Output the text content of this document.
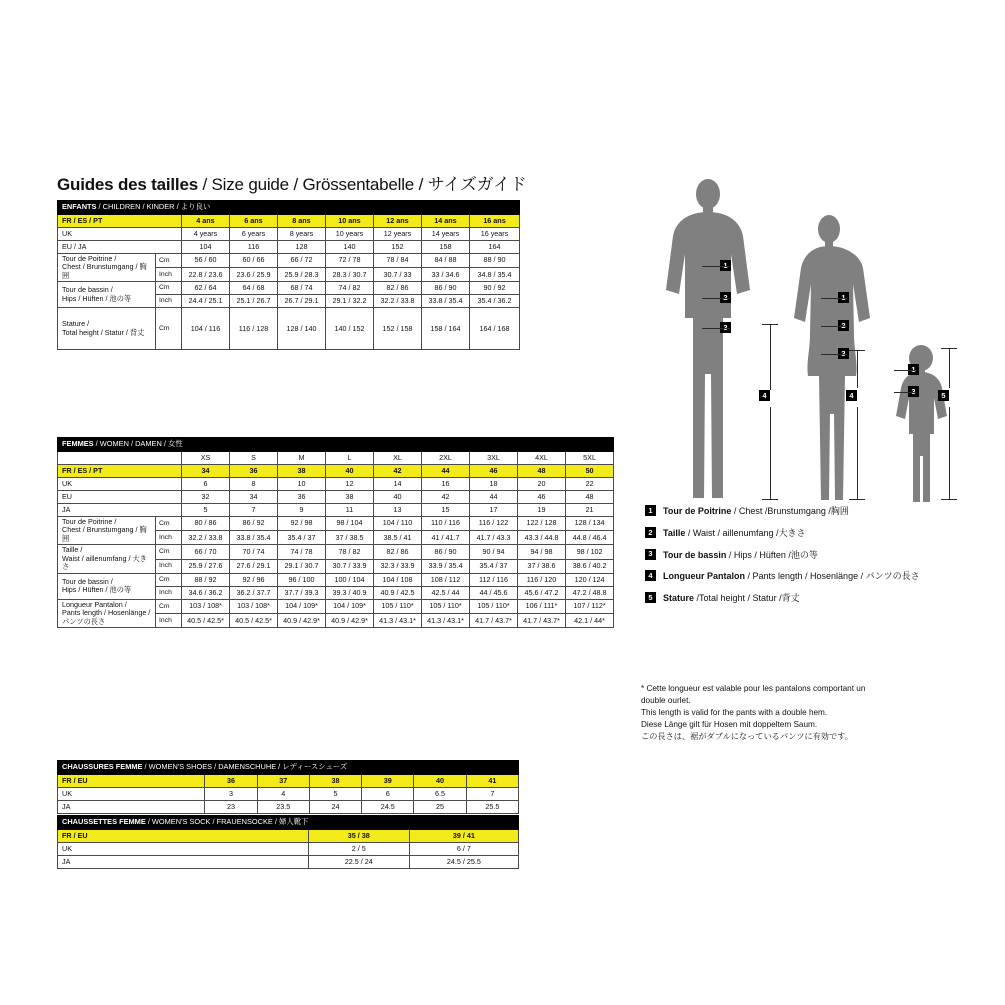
Guides des tailles / Size guide / Grössentabelle / サイズガイド
ENFANTS / CHILDREN / KINDER / より良い								
FR / ES / PT		4 ans	6 ans	8 ans	10 ans	12 ans	14 ans	16 ans
UK		4 years	6 years	8 years	10 years	12 years	14 years	16 years
EU / JA		104	116	128	140	152	158	164
Tour de Poitrine /
Chest / Brunstumgang / 胸囲	Cm	56 / 60	60 / 66	66 / 72	72 / 78	78 / 84	84 / 88	88 / 90
	Inch	22.8 / 23.6	23.6 / 25.9	25.9 / 28.3	28.3 / 30.7	30.7 / 33	33 / 34.6	34.8 / 35.4
Tour de bassin /
Hips / Hüften / 池の等	Cm	62 / 64	64 / 68	68 / 74	74 / 82	82 / 86	86 / 90	90 / 92
	Inch	24.4 / 25.1	25.1 / 26.7	26.7 / 29.1	29.1 / 32.2	32.2 / 33.8	33.8 / 35.4	35.4 / 36.2
Stature /
Total height / Statur / 背丈	Cm	104 / 116	116 / 128	128 / 140	140 / 152	152 / 158	158 / 164	164 / 168
FEMMES / WOMEN / DAMEN / 女性										
		XS	S	M	L	XL	2XL	3XL	4XL	5XL
FR / ES / PT		34	36	38	40	42	44	46	48	50
UK		6	8	10	12	14	16	18	20	22
EU		32	34	36	38	40	42	44	46	48
JA		5	7	9	11	13	15	17	19	21
Tour de Poitrine /
Chest / Brunstumgang / 胸囲	Cm	80 / 86	86 / 92	92 / 98	98 / 104	104 / 110	110 / 116	116 / 122	122 / 128	128 / 134
	Inch	32.2 / 33.8	33.8 / 35.4	35.4 / 37	37 / 38.5	38.5 / 41	41 / 41.7	41.7 / 43.3	43.3 / 44.8	44.8 / 46.4
Taille /
Waist / aillenumfang / 大きさ	Cm	66 / 70	70 / 74	74 / 78	78 / 82	82 / 86	86 / 90	90 / 94	94 / 98	98 / 102
	Inch	25.9 / 27.6	27.6 / 29.1	29.1 / 30.7	30.7 / 33.9	32.3 / 33.9	33.9 / 35.4	35.4 / 37	37 / 38.6	38.6 / 40.2
Tour de bassin /
Hips / Hüften / 池の等	Cm	88 / 92	92 / 96	96 / 100	100 / 104	104 / 108	108 / 112	112 / 116	116 / 120	120 / 124
	Inch	34.6 / 36.2	36.2 / 37.7	37.7 / 39.3	39.3 / 40.9	40.9 / 42.5	42.5 / 44	44 / 45.6	45.6 / 47.2	47.2 / 48.8
Longueur Pantalon /
Pants length / Hosenlänge / パンツの長さ	Cm	103 / 108*	103 / 108*	104 / 109*	104 / 109*	105 / 110*	105 / 110*	105 / 110*	106 / 111*	107 / 112*
	Inch	40.5 / 42.5*	40.5 / 42.5*	40.9 / 42.9*	40.9 / 42.9*	41.3 / 43.1*	41.3 / 43.1*	41.7 / 43.7*	41.7 / 43.7*	42.1 / 44*
CHAUSSURES FEMME / WOMEN'S SHOES / DAMENSCHUHE / レディースシューズ						
FR / EU	36	37	38	39	40	41
UK	3	4	5	6	6.5	7
JA	23	23.5	24	24.5	25	25.5
CHAUSSETTES FEMME / WOMEN'S SOCK / FRAUENSOCKE / 婦人靴下		
FR / EU	35 / 38	39 / 41
UK	2 / 5	6 / 7
JA	22.5 / 24	24.5 / 25.5
4	4	5
1	Tour de Poitrine / Chest /Brunstumgang /胸囲
2	Taille / Waist / aillenumfang /大きさ
3	Tour de bassin / Hips / Hüften /池の等
4	Longueur Pantalon / Pants length / Hosenlänge / パンツの長さ
5	Stature /Total height / Statur /背丈
* Cette longueur est valable pour les pantalons comportant un
double ourlet.
This length is valid for the pants with a double hem.
Diese Länge gilt für Hosen mit doppeltem Saum.
この長さは、裾がダブルになっているパンツに有効です。
